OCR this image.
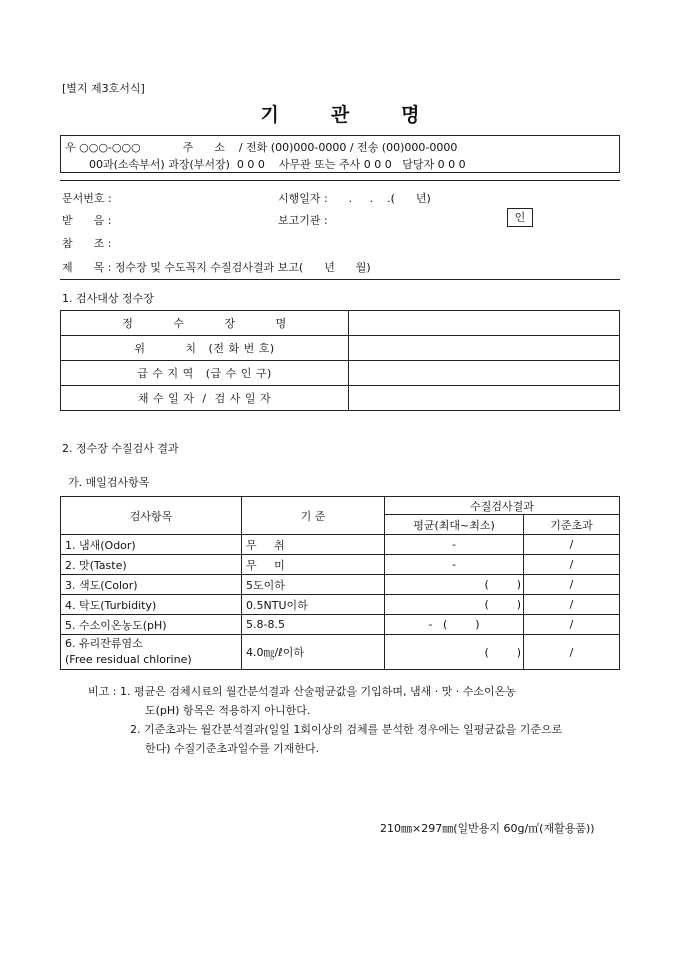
[별지 제3호서식]
기	관	명
우 ○○○-○○○            주      소    / 전화 (00)000-0000 / 전송 (00)000-0000
00과(소속부서) 과장(부서장)  0 0 0    사무관 또는 주사 0 0 0   담당자 0 0 0
문서번호 :	시행일자 :      .     .    .(      년)
받      음 :	보고기관 :	인
참      조 :
제      목 : 정수장 및 수도꼭지 수질검사결과 보고(      년      월)
1. 검사대상 정수장
정          수          장          명	
위          치   (전 화 번 호)	
급 수 지 역   (급 수 인 구)	
채 수 일 자  /  검 사 일 자	
2. 정수장 수질검사 결과
가. 매일검사항목
검사항목	기 준	수질검사결과	
		평균(최대~최소)	기준초과
1. 냄새(Odor)	무     취	-	/
2. 맛(Taste)	무     미	-	/
3. 색도(Color)	5도이하	(        )	/
4. 탁도(Turbidity)	0.5NTU이하	(        )	/
5. 수소이온농도(pH)	5.8-8.5	-   (        )	/

6. 유리잔류염소
(Free residual chlorine)	4.0㎎/ℓ이하	(        )	/
비고 : 1. 평균은 검체시료의 월간분석결과 산술평균값을 기입하며, 냄새 · 맛 · 수소이온농
도(pH) 항목은 적용하지 아니한다.
2. 기준초과는 월간분석결과(일일 1회이상의 검체를 분석한 경우에는 일평균값을 기준으로
한다) 수질기준초과일수를 기재한다.
210㎜×297㎜(일반용지 60g/㎡(재활용품))
